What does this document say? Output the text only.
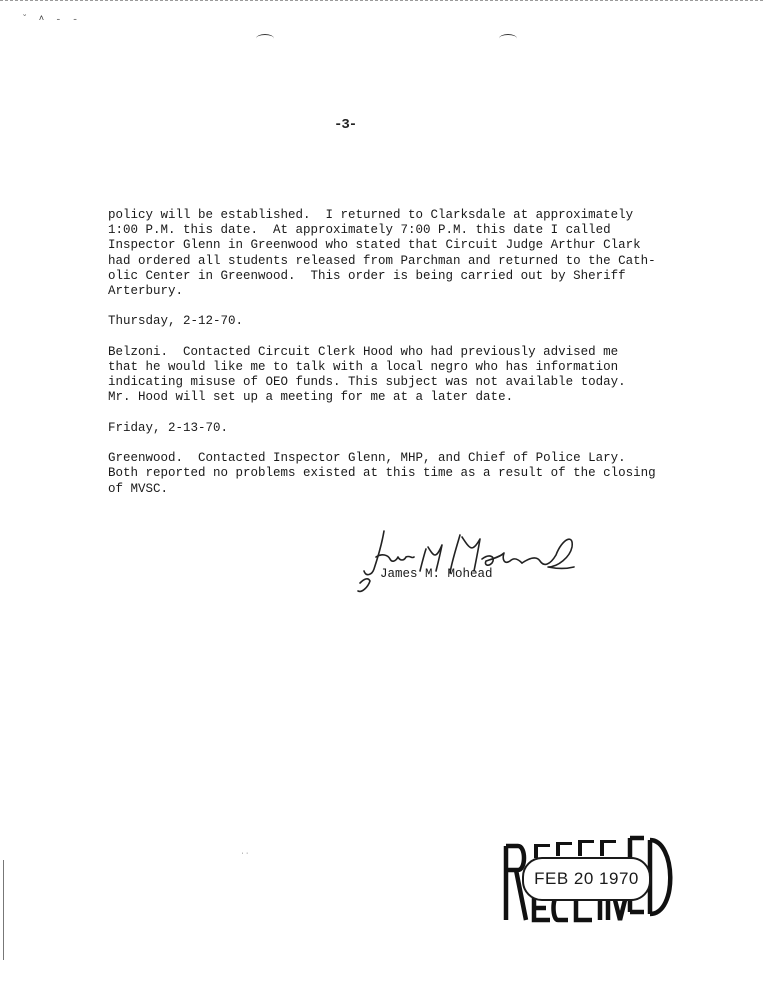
˘ ˄ ˗ ˗
-3-

policy will be established.  I returned to Clarksdale at approximately
1:00 P.M. this date.  At approximately 7:00 P.M. this date I called
Inspector Glenn in Greenwood who stated that Circuit Judge Arthur Clark
had ordered all students released from Parchman and returned to the Cath-
olic Center in Greenwood.  This order is being carried out by Sheriff
Arterbury.

Thursday, 2-12-70.

Belzoni.  Contacted Circuit Clerk Hood who had previously advised me
that he would like me to talk with a local negro who has information
indicating misuse of OEO funds. This subject was not available today.
Mr. Hood will set up a meeting for me at a later date.

Friday, 2-13-70.

Greenwood.  Contacted Inspector Glenn, MHP, and Chief of Police Lary.
Both reported no problems existed at this time as a result of the closing
of MVSC.

James M. Mohead
˙˙
FEB 20 1970
